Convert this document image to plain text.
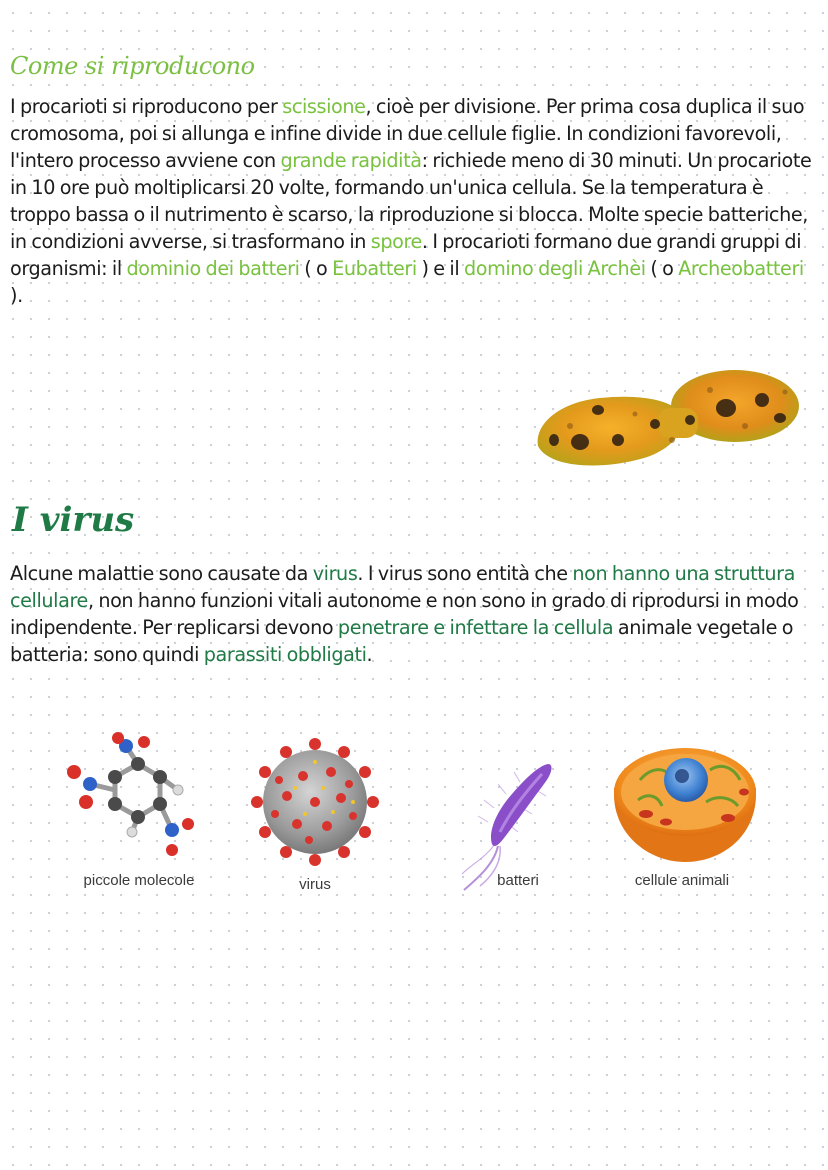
Come si riproducono

I procarioti si riproducono per scissione, cioè per divisione. Per prima cosa duplica il suo cromosoma, poi si allunga e infine divide in due cellule figlie. In condizioni favorevoli, l'intero processo avviene con grande rapidità: richiede meno di 30 minuti. Un procariote in 10 ore può moltiplicarsi 20 volte, formando un'unica cellula. Se la temperatura è troppo bassa o il nutrimento è scarso, la riproduzione si blocca. Molte specie batteriche, in condizioni avverse, si trasformano in spore. I procarioti formano due grandi gruppi di organismi: il dominio dei batteri ( o Eubatteri ) e il domino degli Archèi ( o Archeobatteri ).

I virus

Alcune malattie sono causate da virus. I virus sono entità che non hanno una struttura cellulare, non hanno funzioni vitali autonome e non sono in grado di riprodursi in modo indipendente. Per replicarsi devono penetrare e infettare la cellula animale vegetale o batteria: sono quindi parassiti obbligati.

piccole molecole	virus	batteri	cellule animali
